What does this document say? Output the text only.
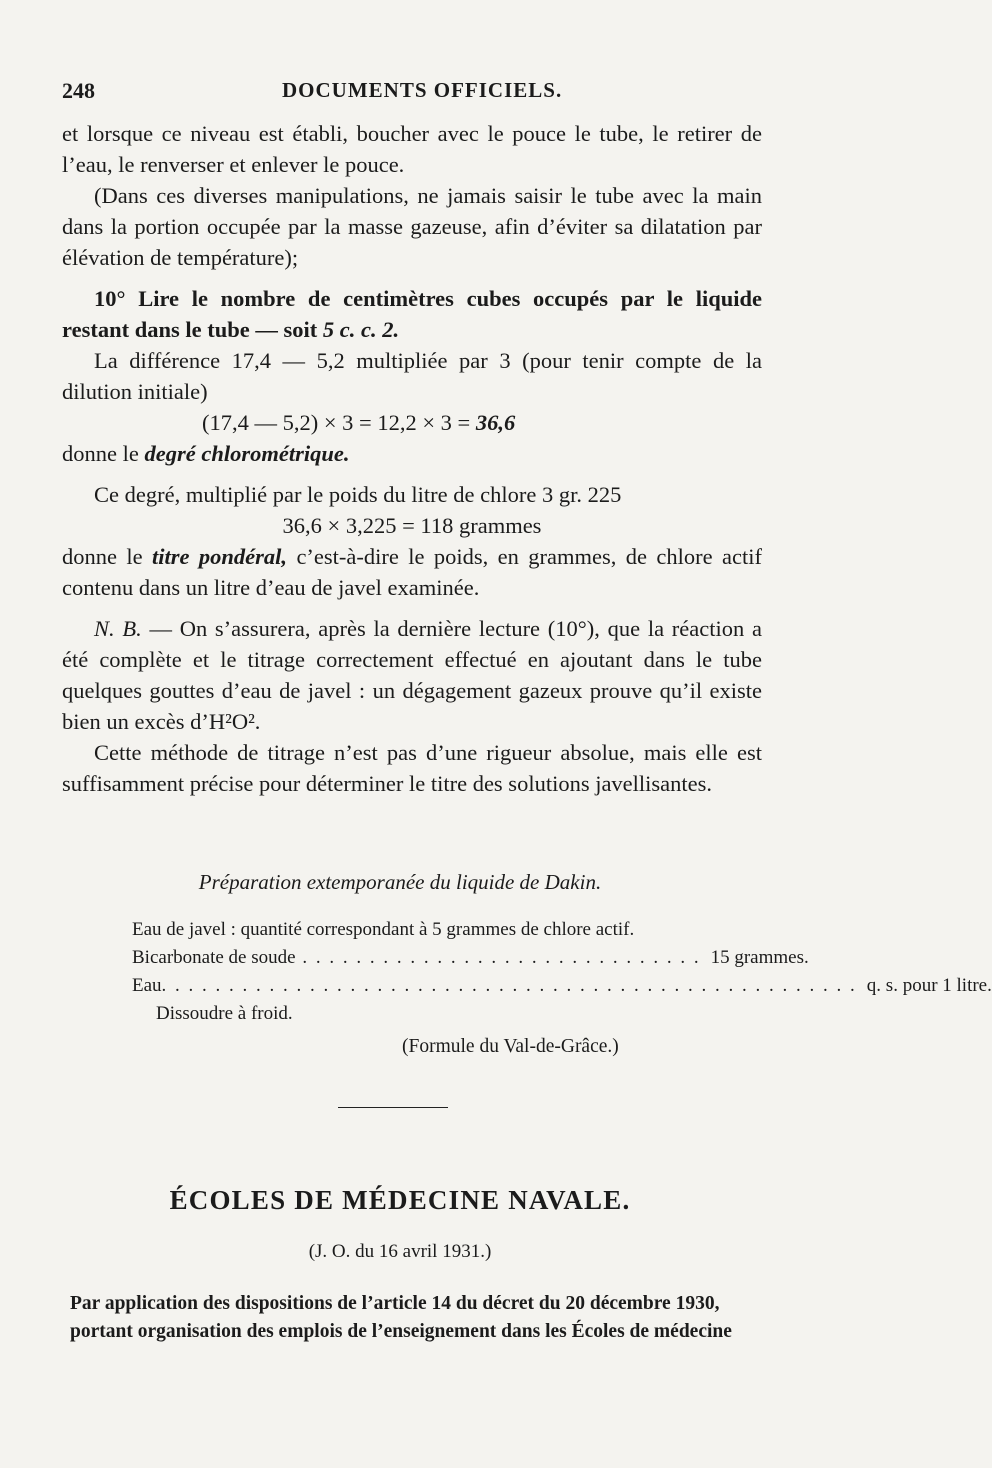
248	DOCUMENTS OFFICIELS.

et lorsque ce niveau est établi, boucher avec le pouce le tube, le retirer de l’eau, le renverser et enlever le pouce.

(Dans ces diverses manipulations, ne jamais saisir le tube avec la main dans la portion occupée par la masse gazeuse, afin d’éviter sa dilatation par élévation de température);

10° Lire le nombre de centimètres cubes occupés par le liquide restant dans le tube — soit 5 c. c. 2.

La différence 17,4 — 5,2 multipliée par 3 (pour tenir compte de la dilution initiale)

(17,4 — 5,2) × 3 = 12,2 × 3 = 36,6

donne le degré chlorométrique.

Ce degré, multiplié par le poids du litre de chlore 3 gr. 225

36,6 × 3,225 = 118 grammes

donne le titre pondéral, c’est-à-dire le poids, en grammes, de chlore actif contenu dans un litre d’eau de javel examinée.

N. B. — On s’assurera, après la dernière lecture (10°), que la réaction a été complète et le titrage correctement effectué en ajoutant dans le tube quelques gouttes d’eau de javel : un dégagement gazeux prouve qu’il existe bien un excès d’H²O².

Cette méthode de titrage n’est pas d’une rigueur absolue, mais elle est suffisamment précise pour déterminer le titre des solutions javellisantes.

Préparation extemporanée du liquide de Dakin.
Eau de javel : quantité correspondant à 5 grammes de chlore actif.
Bicarbonate de soude . . . . . . . . . . . . . . . . . . . . . . . . . . . . . . 15 grammes.
Eau . . . . . . . . . . . . . . . . . . . . . . . . . . . . . . . . . . . . . . . . . . . . . . . . . . . . q. s. pour 1 litre.
Dissoudre à froid.
(Formule du Val-de-Grâce.)
ÉCOLES DE MÉDECINE NAVALE.
(J. O. du 16 avril 1931.)
Par application des dispositions de l’article 14 du décret du 20 décembre 1930, portant organisation des emplois de l’enseignement dans les Écoles de médecine
